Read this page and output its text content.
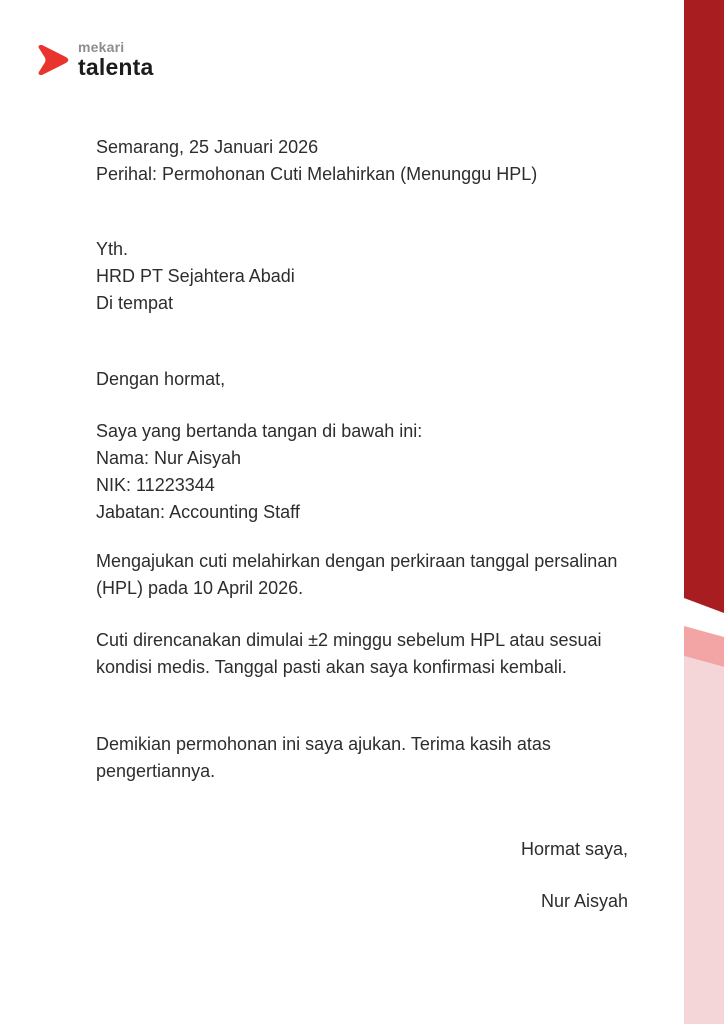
mekari
talenta
Semarang, 25 Januari 2026
Perihal: Permohonan Cuti Melahirkan (Menunggu HPL)
Yth.
HRD PT Sejahtera Abadi
Di tempat
Dengan hormat,
Saya yang bertanda tangan di bawah ini:
Nama: Nur Aisyah
NIK: 11223344
Jabatan: Accounting Staff
Mengajukan cuti melahirkan dengan perkiraan tanggal persalinan (HPL) pada 10 April 2026.
Cuti direncanakan dimulai ±2 minggu sebelum HPL atau sesuai kondisi medis. Tanggal pasti akan saya konfirmasi kembali.
Demikian permohonan ini saya ajukan. Terima kasih atas pengertiannya.
Hormat saya,
Nur Aisyah
